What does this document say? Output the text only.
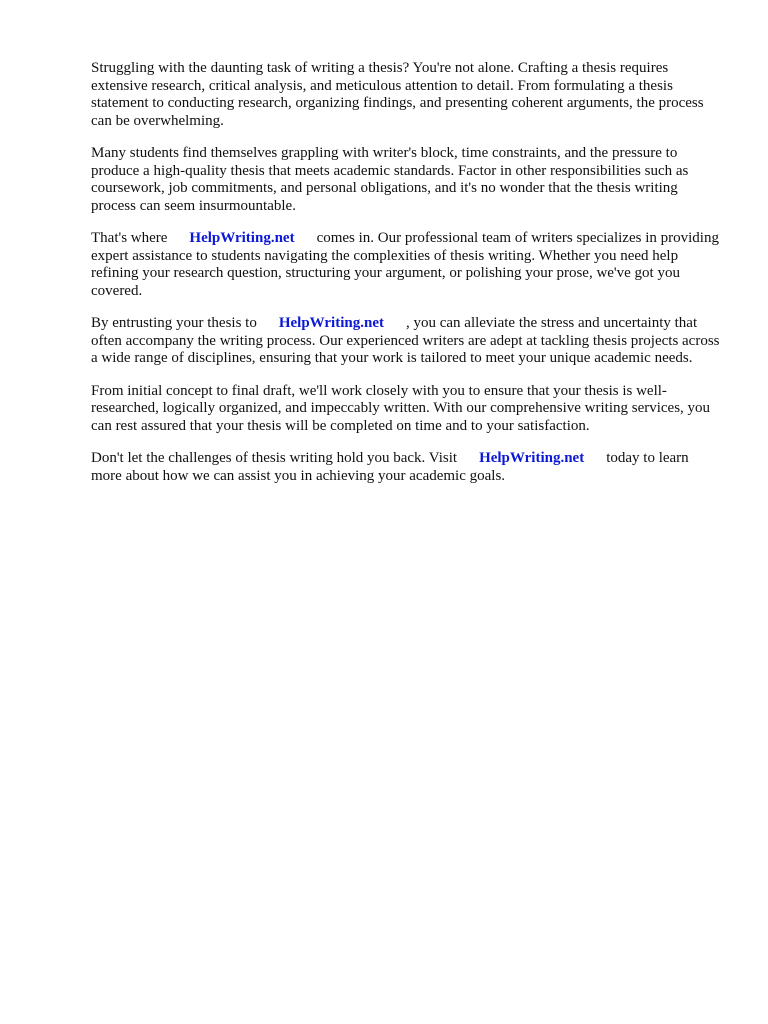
Struggling with the daunting task of writing a thesis? You're not alone. Crafting a thesis requires extensive research, critical analysis, and meticulous attention to detail. From formulating a thesis statement to conducting research, organizing findings, and presenting coherent arguments, the process can be overwhelming.

Many students find themselves grappling with writer's block, time constraints, and the pressure to produce a high-quality thesis that meets academic standards. Factor in other responsibilities such as coursework, job commitments, and personal obligations, and it's no wonder that the thesis writing process can seem insurmountable.

That's where HelpWriting.net comes in. Our professional team of writers specializes in providing expert assistance to students navigating the complexities of thesis writing. Whether you need help refining your research question, structuring your argument, or polishing your prose, we've got you covered.

By entrusting your thesis to HelpWriting.net , you can alleviate the stress and uncertainty that often accompany the writing process. Our experienced writers are adept at tackling thesis projects across a wide range of disciplines, ensuring that your work is tailored to meet your unique academic needs.

From initial concept to final draft, we'll work closely with you to ensure that your thesis is well-researched, logically organized, and impeccably written. With our comprehensive writing services, you can rest assured that your thesis will be completed on time and to your satisfaction.

Don't let the challenges of thesis writing hold you back. Visit HelpWriting.net today to learn more about how we can assist you in achieving your academic goals.
